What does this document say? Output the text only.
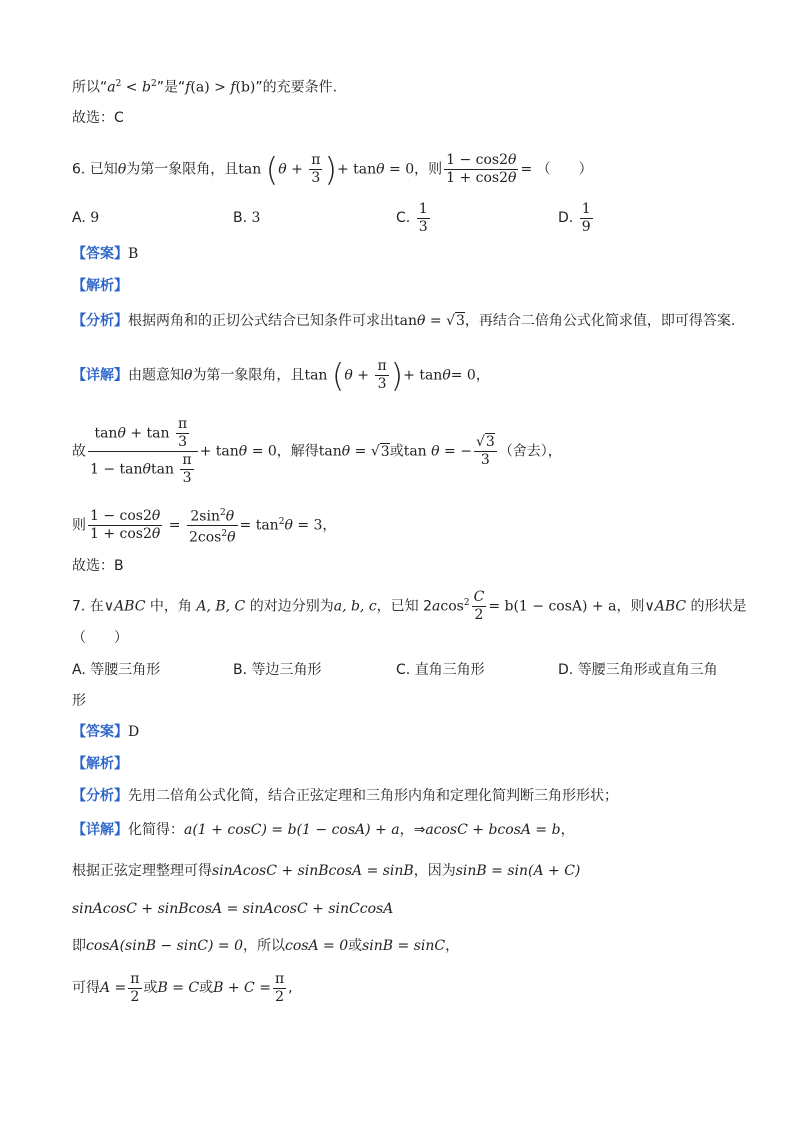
所以“$a^2 < b^2$”是“f(a) > f(b)”的充要条件.
故选：C
6. 已知θ为第一象限角，且$\tan (\theta + \frac{\pi}{3}$ )+ tanθ = 0，则 $\frac{1 - \cos 2\theta}{1 + \cos 2\theta}$ = （　　）
A. 9	B. 3	C. $\frac{1}{3}$	D. $\frac{1}{9}$
【答案】B
【解析】
【分析】根据两角和的正切公式结合已知条件可求出tanθ = √3，再结合二倍角公式化简求值，即可得答案.
【详解】由题意知θ为第一象限角，且$\tan (\theta + \frac{\pi}{3}$ )+ tanθ= 0，
故 $\frac{\tan\theta + \tan \frac{\pi}{3}}{1 - \tan\theta\tan \frac{\pi}{3}} + \tan\theta = 0$，解得tanθ = √3或tan θ = − $\frac{√3}{3}$ （舍去），
则 $\frac{1 - \cos 2\theta}{1 + \cos 2\theta} = \frac{2\sin^2\theta}{2\cos^2\theta} = \tan^2\theta = 3$，
故选：B
7. 在∨ABC 中，角 A, B, C 的对边分别为a, b, c，已知 $2acos^2 \frac{C}{2} = b(1 - \cos A) + a$，则∨ABC 的形状是
（　　）
A. 等腰三角形	B. 等边三角形	C. 直角三角形	D. 等腰三角形或直角三角
形
【答案】D
【解析】
【分析】先用二倍角公式化简，结合正弦定理和三角形内角和定理化简判断三角形形状；
【详解】化简得：a(1 + cosC) = b(1 − cosA) + a，⇒acosC + bcosA = b，
根据正弦定理整理可得sinAcosC + sinBcosA = sinB，因为sinB = sin(A + C)
sinAcosC + sinBcosA = sinAcosC + sinCcosA
即cosA(sinB − sinC) = 0，所以cosA = 0或sinB = sinC，
可得$A = \frac{\pi}{2}$ 或B = C或$B + C = \frac{\pi}{2}$ ,
